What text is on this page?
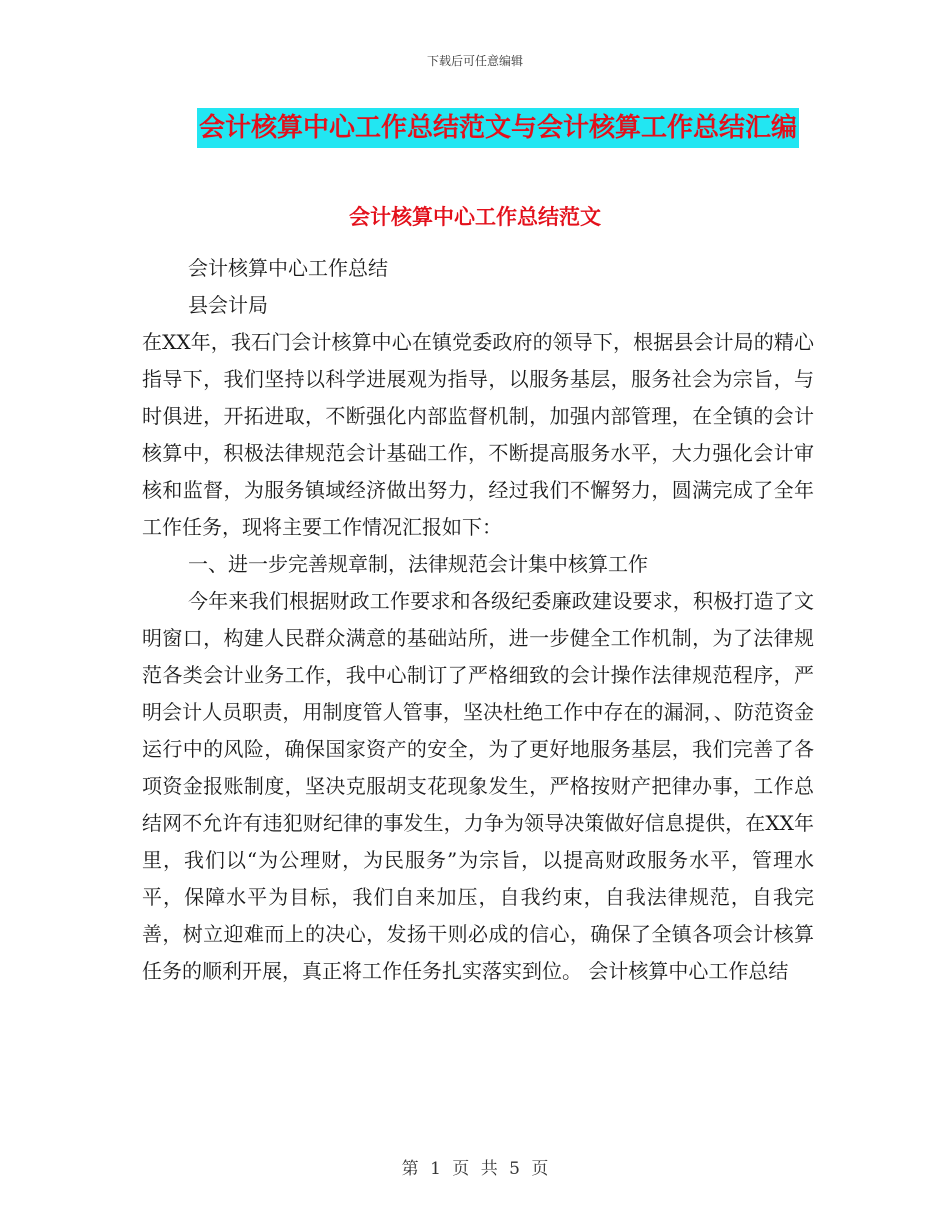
下载后可任意编辑
会计核算中心工作总结范文与会计核算工作总结汇编
会计核算中心工作总结范文

会计核算中心工作总结

县会计局

在XX年，我石门会计核算中心在镇党委政府的领导下，根据县会计局的精心指导下，我们坚持以科学进展观为指导，以服务基层，服务社会为宗旨，与时俱进，开拓进取，不断强化内部监督机制，加强内部管理，在全镇的会计核算中，积极法律规范会计基础工作，不断提高服务水平，大力强化会计审核和监督，为服务镇域经济做出努力，经过我们不懈努力，圆满完成了全年工作任务，现将主要工作情况汇报如下：

一、进一步完善规章制，法律规范会计集中核算工作

今年来我们根据财政工作要求和各级纪委廉政建设要求，积极打造了文明窗口，构建人民群众满意的基础站所，进一步健全工作机制，为了法律规范各类会计业务工作，我中心制订了严格细致的会计操作法律规范程序，严明会计人员职责，用制度管人管事，坚决杜绝工作中存在的漏洞，、防范资金运行中的风险，确保国家资产的安全，为了更好地服务基层，我们完善了各项资金报账制度，坚决克服胡支花现象发生，严格按财产把律办事，工作总结网不允许有违犯财纪律的事发生，力争为领导决策做好信息提供，在XX年里，我们以“为公理财，为民服务”为宗旨，以提高财政服务水平，管理水平，保障水平为目标，我们自来加压，自我约束，自我法律规范，自我完善，树立迎难而上的决心，发扬干则必成的信心，确保了全镇各项会计核算任务的顺利开展，真正将工作任务扎实落实到位。 会计核算中心工作总结

第 1 页 共 5 页
